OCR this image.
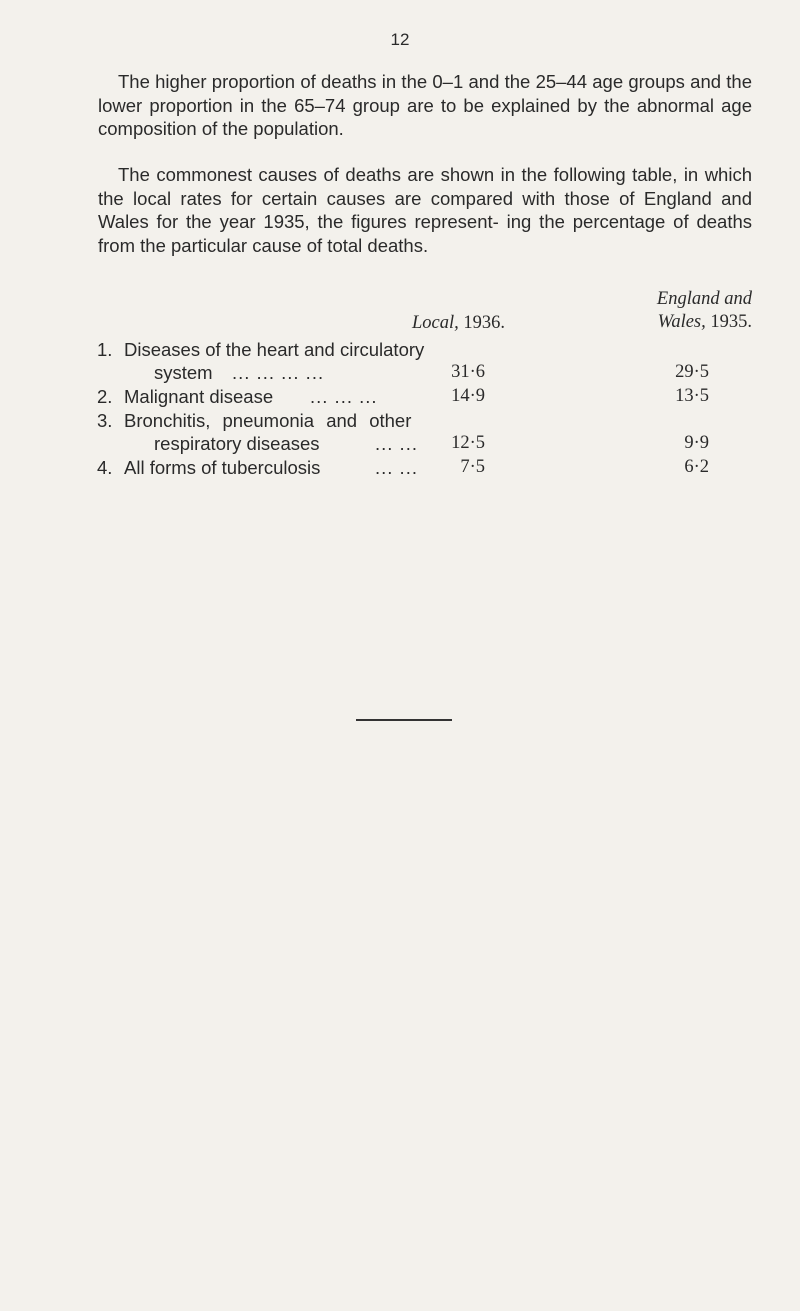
12

The higher proportion of deaths in the 0–1 and the 25–44 age groups and the lower proportion in the 65–74 group are to be explained by the abnormal age composition of the population.

The commonest causes of deaths are shown in the following table, in which the local rates for certain causes are compared with those of England and Wales for the year 1935, the figures represent- ing the percentage of deaths from the particular cause of total deaths.

Local, 1936.
England and
Wales, 1935.
1. Diseases of the heart and circulatory
system ... ... ... ...	31·6	29·5
2. Malignant disease ... ... ...	14·9	13·5
3. Bronchitis, pneumonia and other
respiratory diseases	... ...	12·5	9·9
4. All forms of tuberculosis	... ...	7·5	6·2
